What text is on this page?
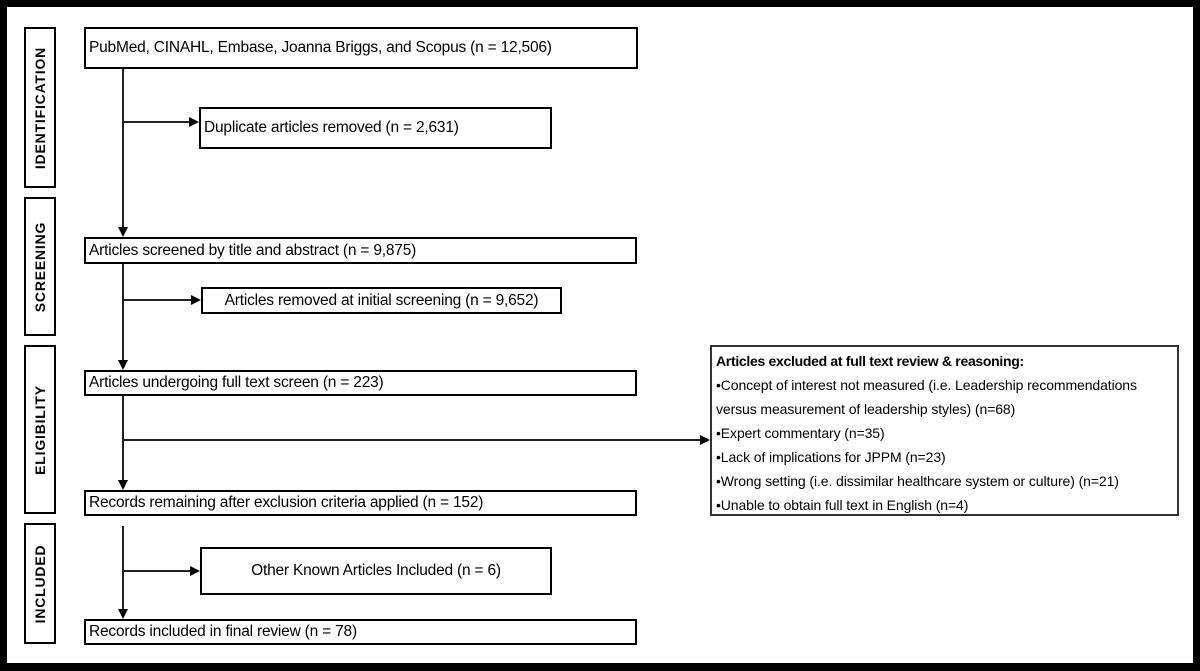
IDENTIFICATION
SCREENING
ELIGIBILITY
INCLUDED
PubMed, CINAHL, Embase, Joanna Briggs, and Scopus (n = 12,506)
Duplicate articles removed (n = 2,631)
Articles screened by title and abstract (n = 9,875)
Articles removed at initial screening (n = 9,652)
Articles undergoing full text screen (n = 223)
Records remaining after exclusion criteria applied (n = 152)
Other Known Articles Included (n = 6)
Records included in final review (n = 78)
Articles excluded at full text review & reasoning:
•Concept of interest not measured (i.e. Leadership recommendations
versus measurement of leadership styles) (n=68)
•Expert commentary (n=35)
•Lack of implications for JPPM (n=23)
•Wrong setting (i.e. dissimilar healthcare system or culture) (n=21)
•Unable to obtain full text in English (n=4)
